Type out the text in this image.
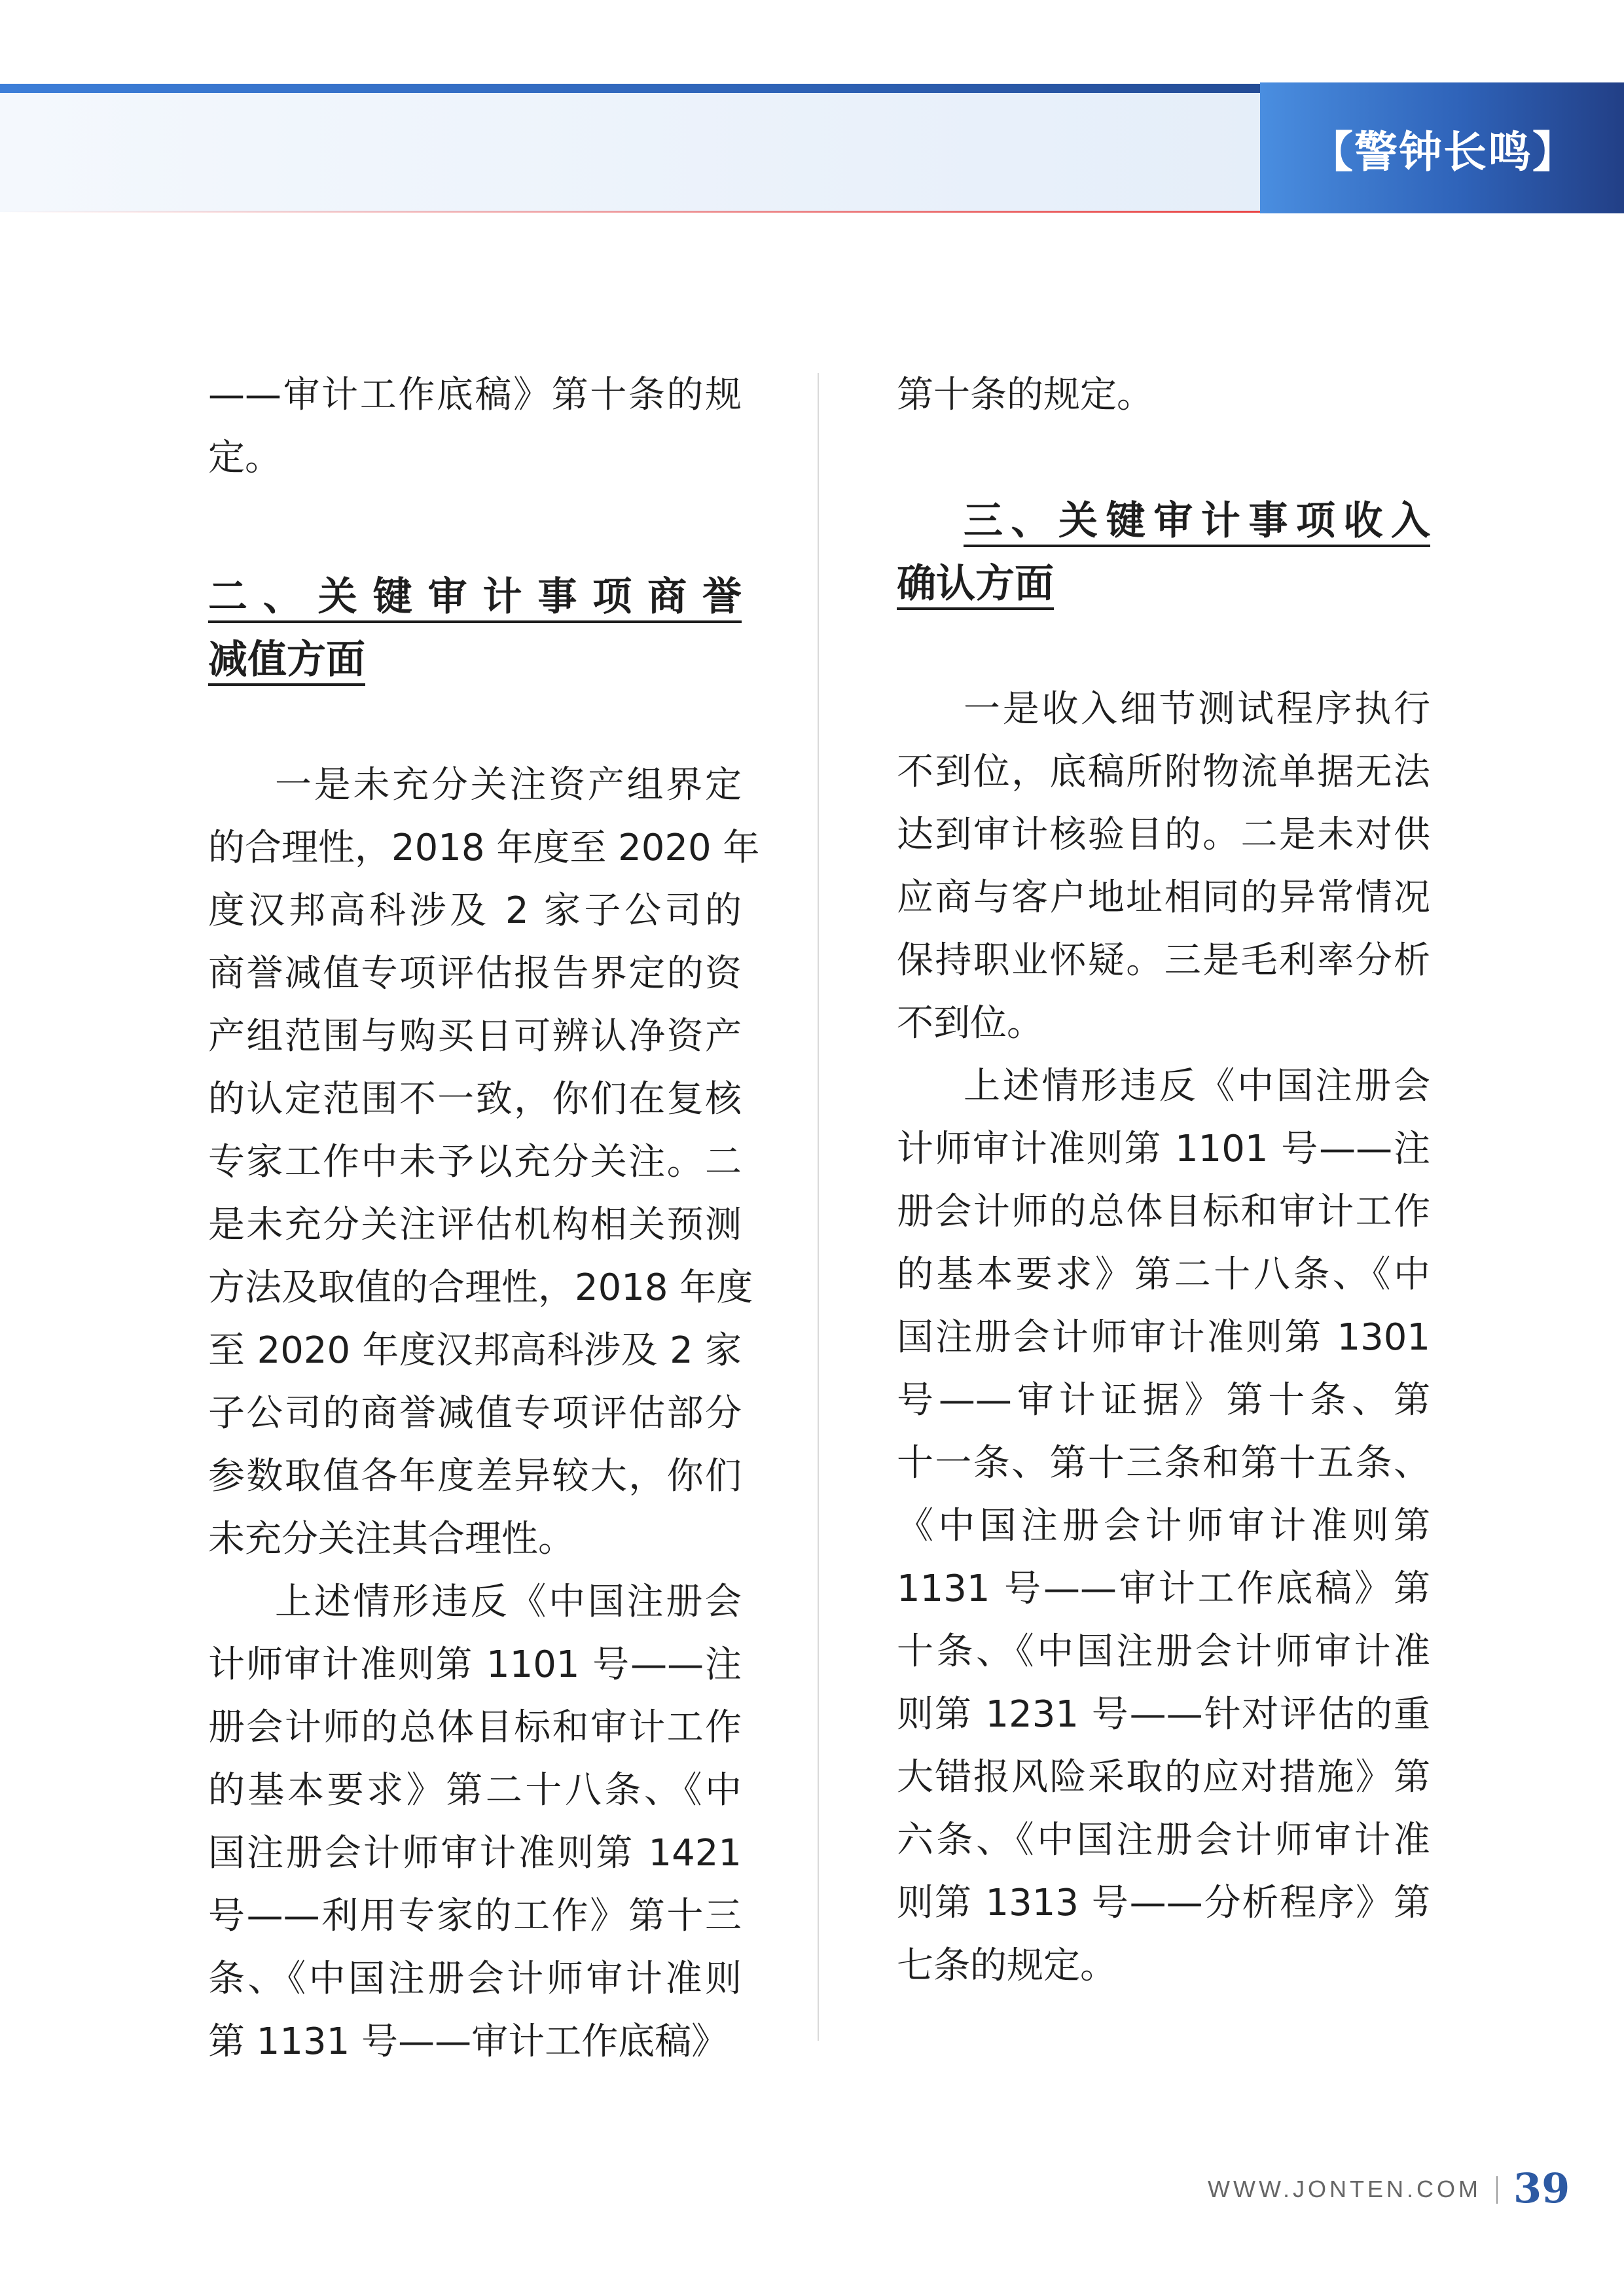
【警钟长鸣】
——审计工作底稿》第十条的规
定。
二、关键审计事项商誉
减值方面
一是未充分关注资产组界定
的合理性，2018 年度至 2020 年
度汉邦高科涉及 2 家子公司的
商誉减值专项评估报告界定的资
产组范围与购买日可辨认净资产
的认定范围不一致，你们在复核
专家工作中未予以充分关注。二
是未充分关注评估机构相关预测
方法及取值的合理性，2018 年度
至 2020 年度汉邦高科涉及 2 家
子公司的商誉减值专项评估部分
参数取值各年度差异较大，你们
未充分关注其合理性。
上述情形违反《中国注册会
计师审计准则第 1101 号——注
册会计师的总体目标和审计工作
的基本要求》第二十八条、《中
国注册会计师审计准则第 1421
号——利用专家的工作》第十三
条、《中国注册会计师审计准则
第 1131 号——审计工作底稿》
第十条的规定。
三、关键审计事项收入
确认方面
一是收入细节测试程序执行
不到位，底稿所附物流单据无法
达到审计核验目的。二是未对供
应商与客户地址相同的异常情况
保持职业怀疑。三是毛利率分析
不到位。
上述情形违反《中国注册会
计师审计准则第 1101 号——注
册会计师的总体目标和审计工作
的基本要求》第二十八条、《中
国注册会计师审计准则第 1301
号——审计证据》第十条、第
十一条、第十三条和第十五条、
《中国注册会计师审计准则第
1131 号——审计工作底稿》第
十条、《中国注册会计师审计准
则第 1231 号——针对评估的重
大错报风险采取的应对措施》第
六条、《中国注册会计师审计准
则第 1313 号——分析程序》第
七条的规定。
WWW.JONTEN.COM 39
